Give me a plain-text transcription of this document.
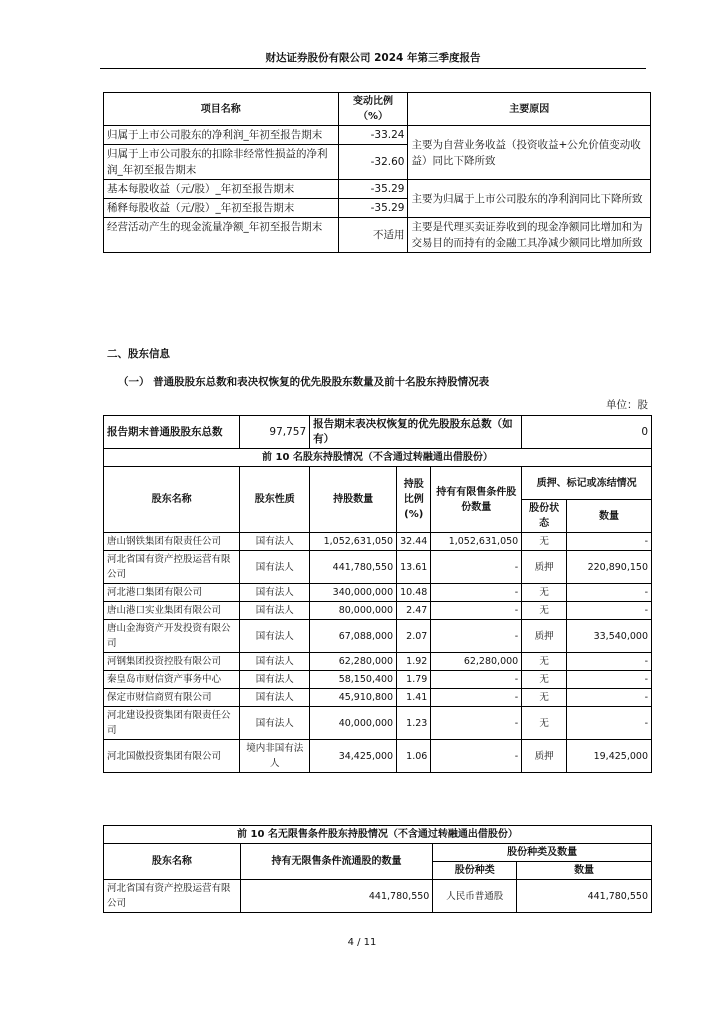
财达证券股份有限公司 2024 年第三季度报告
项目名称	变动比例（%）	主要原因
归属于上市公司股东的净利润_年初至报告期末	-33.24	主要为自营业务收益（投资收益+公允价值变动收益）同比下降所致
归属于上市公司股东的扣除非经常性损益的净利润_年初至报告期末	-32.60	
基本每股收益（元/股）_年初至报告期末	-35.29	主要为归属于上市公司股东的净利润同比下降所致
稀释每股收益（元/股）_年初至报告期末	-35.29	
经营活动产生的现金流量净额_年初至报告期末	不适用	主要是代理买卖证券收到的现金净额同比增加和为交易目的而持有的金融工具净减少额同比增加所致
二、股东信息
（一） 普通股股东总数和表决权恢复的优先股股东数量及前十名股东持股情况表
单位：股
报告期末普通股股东总数	97,757	报告期末表决权恢复的优先股股东总数（如有）			0	
前 10 名股东持股情况（不含通过转融通出借股份）						
股东名称	股东性质	持股数量	持股比例(%)	持有有限售条件股份数量	质押、标记或冻结情况	
					股份状态	数量
唐山钢铁集团有限责任公司	国有法人	1,052,631,050	32.44	1,052,631,050	无	-
河北省国有资产控股运营有限公司	国有法人	441,780,550	13.61	-	质押	220,890,150
河北港口集团有限公司	国有法人	340,000,000	10.48	-	无	-
唐山港口实业集团有限公司	国有法人	80,000,000	2.47	-	无	-
唐山金海资产开发投资有限公司	国有法人	67,088,000	2.07	-	质押	33,540,000
河钢集团投资控股有限公司	国有法人	62,280,000	1.92	62,280,000	无	-
秦皇岛市财信资产事务中心	国有法人	58,150,400	1.79	-	无	-
保定市财信商贸有限公司	国有法人	45,910,800	1.41	-	无	-
河北建设投资集团有限责任公司	国有法人	40,000,000	1.23	-	无	-
河北国傲投资集团有限公司	境内非国有法人	34,425,000	1.06	-	质押	19,425,000
前 10 名无限售条件股东持股情况（不含通过转融通出借股份）			
股东名称	持有无限售条件流通股的数量	股份种类及数量	
		股份种类	数量
河北省国有资产控股运营有限公司	441,780,550	人民币普通股	441,780,550
4 / 11
